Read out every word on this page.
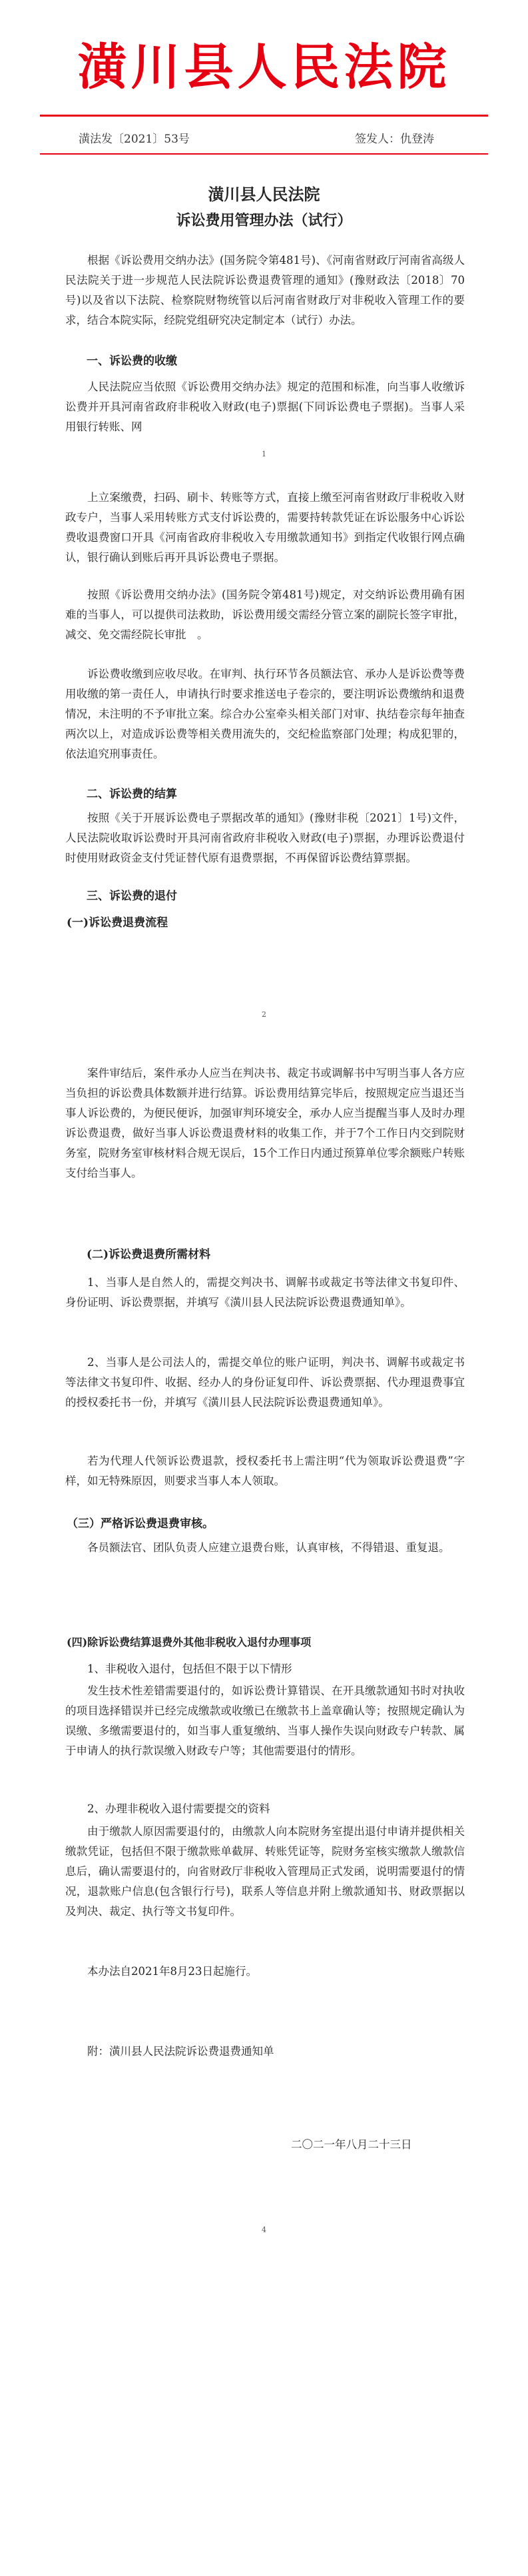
潢川县人民法院
潢法发〔2021〕53号	签发人：仇登涛
潢川县人民法院
诉讼费用管理办法（试行）

根据《诉讼费用交纳办法》(国务院令第481号)、《河南省财政厅河南省高级人民法院关于进一步规范人民法院诉讼费退费管理的通知》(豫财政法〔2018〕70号)以及省以下法院、检察院财物统管以后河南省财政厅对非税收入管理工作的要求，结合本院实际，经院党组研究决定制定本（试行）办法。

一、诉讼费的收缴

人民法院应当依照《诉讼费用交纳办法》规定的范围和标准，向当事人收缴诉讼费并开具河南省政府非税收入财政(电子)票据(下同诉讼费电子票据)。当事人采用银行转账、网

1

上立案缴费，扫码、刷卡、转账等方式，直接上缴至河南省财政厅非税收入财政专户，当事人采用转账方式支付诉讼费的，需要持转款凭证在诉讼服务中心诉讼费收退费窗口开具《河南省政府非税收入专用缴款通知书》到指定代收银行网点确认，银行确认到账后再开具诉讼费电子票据。

按照《诉讼费用交纳办法》(国务院令第481号)规定，对交纳诉讼费用确有困难的当事人，可以提供司法救助，诉讼费用缓交需经分管立案的副院长签字审批，减交、免交需经院长审批　。

诉讼费收缴到应收尽收。在审判、执行环节各员额法官、承办人是诉讼费等费用收缴的第一责任人，申请执行时要求推送电子卷宗的，要注明诉讼费缴纳和退费情况，未注明的不予审批立案。综合办公室牵头相关部门对审、执结卷宗每年抽查两次以上，对造成诉讼费等相关费用流失的，交纪检监察部门处理；构成犯罪的，依法追究刑事责任。

二、诉讼费的结算

按照《关于开展诉讼费电子票据改革的通知》(豫财非税〔2021〕1号)文件，人民法院收取诉讼费时开具河南省政府非税收入财政(电子)票据，办理诉讼费退付时使用财政资金支付凭证替代原有退费票据，不再保留诉讼费结算票据。

三、诉讼费的退付
(一)诉讼费退费流程
2

案件审结后，案件承办人应当在判决书、裁定书或调解书中写明当事人各方应当负担的诉讼费具体数额并进行结算。诉讼费用结算完毕后，按照规定应当退还当事人诉讼费的，为便民便诉，加强审判环境安全，承办人应当提醒当事人及时办理诉讼费退费，做好当事人诉讼费退费材料的收集工作，并于7个工作日内交到院财务室，院财务室审核材料合规无误后，15个工作日内通过预算单位零余额账户转账支付给当事人。

(二)诉讼费退费所需材料

1、当事人是自然人的，需提交判决书、调解书或裁定书等法律文书复印件、身份证明、诉讼费票据，并填写《潢川县人民法院诉讼费退费通知单》。

2、当事人是公司法人的，需提交单位的账户证明，判决书、调解书或裁定书等法律文书复印件、收据、经办人的身份证复印件、诉讼费票据、代办理退费事宜的授权委托书一份，并填写《潢川县人民法院诉讼费退费通知单》。

若为代理人代领诉讼费退款，授权委托书上需注明“代为领取诉讼费退费”字样，如无特殊原因，则要求当事人本人领取。

（三）严格诉讼费退费审核。

各员额法官、团队负责人应建立退费台账，认真审核，不得错退、重复退。

(四)除诉讼费结算退费外其他非税收入退付办理事项

1、非税收入退付，包括但不限于以下情形

发生技术性差错需要退付的，如诉讼费计算错误、在开具缴款通知书时对执收的项目选择错误并已经完成缴款或收缴已在缴款书上盖章确认等；按照规定确认为误缴、多缴需要退付的，如当事人重复缴纳、当事人操作失误向财政专户转款、属于申请人的执行款误缴入财政专户等；其他需要退付的情形。

2、办理非税收入退付需要提交的资料

由于缴款人原因需要退付的，由缴款人向本院财务室提出退付申请并提供相关缴款凭证，包括但不限于缴款账单截屏、转账凭证等，院财务室核实缴款人缴款信息后，确认需要退付的，向省财政厅非税收入管理局正式发函，说明需要退付的情况，退款账户信息(包含银行行号)，联系人等信息并附上缴款通知书、财政票据以及判决、裁定、执行等文书复印件。

本办法自2021年8月23日起施行。

附：潢川县人民法院诉讼费退费通知单

二〇二一年八月二十三日
4
